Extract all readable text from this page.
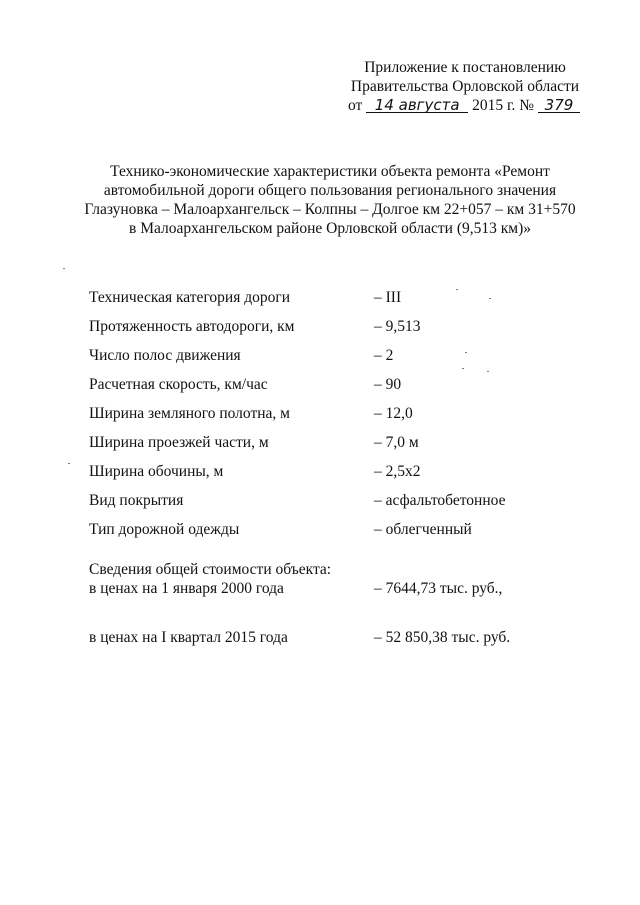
Приложение к постановлению
Правительства Орловской области
от 14 августа 2015 г. № 379
Технико-экономические характеристики объекта ремонта «Ремонт
автомобильной дороги общего пользования регионального значения
Глазуновка – Малоархангельск – Колпны – Долгое км 22+057 – км 31+570
в Малоархангельском районе Орловской области (9,513 км)»
Техническая категория дороги	– III
Протяженность автодороги, км	– 9,513
Число полос движения	– 2
Расчетная скорость, км/час	– 90
Ширина земляного полотна, м	– 12,0
Ширина проезжей части, м	– 7,0 м
Ширина обочины, м	– 2,5х2
Вид покрытия	– асфальтобетонное
Тип дорожной одежды	– облегченный
Сведения общей стоимости объекта:
в ценах на 1 января 2000 года	– 7644,73 тыс. руб.,
в ценах на I квартал 2015 года	– 52 850,38 тыс. руб.
